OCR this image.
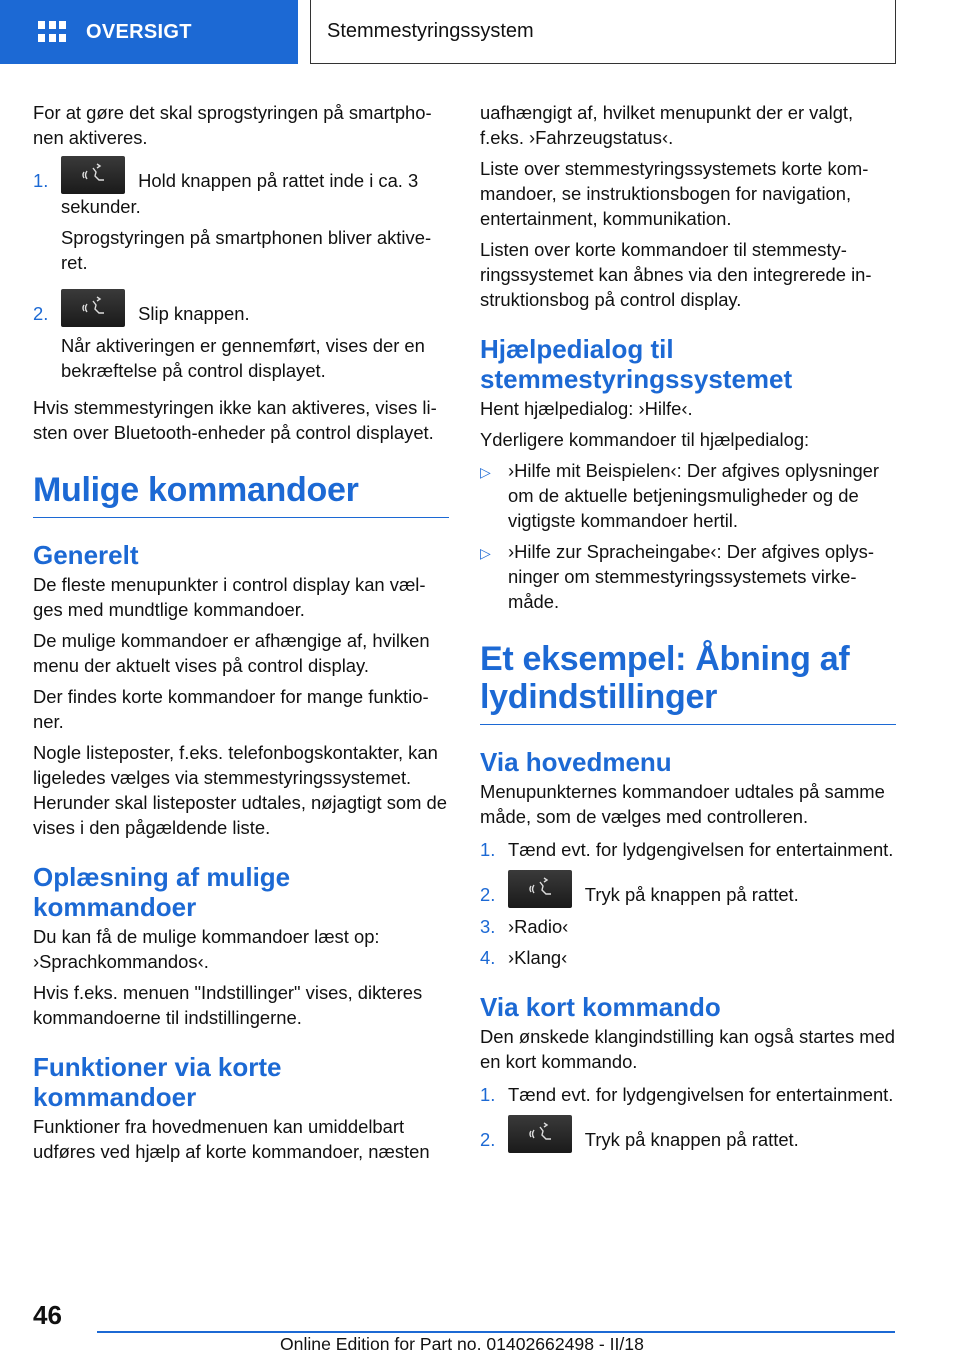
OVERSIGT	Stemmestyringssystem

For at gøre det skal sprogstyringen på smartphonen aktiveres.

1.	Hold knappen på rattet inde i ca. 3 sekunder.

Sprogstyringen på smartphonen bliver aktiveret.

2.	Slip knappen.

Når aktiveringen er gennemført, vises der en bekræftelse på control displayet.

Hvis stemmestyringen ikke kan aktiveres, vises listen over Bluetooth-enheder på control displayet.

Mulige kommandoer
Generelt

De fleste menupunkter i control display kan vælges med mundtlige kommandoer.

De mulige kommandoer er afhængige af, hvilken menu der aktuelt vises på control display.

Der findes korte kommandoer for mange funktioner.

Nogle listeposter, f.eks. telefonbogskontakter, kan ligeledes vælges via stemmestyringssystemet. Herunder skal listeposter udtales, nøjagtigt som de vises i den pågældende liste.

Oplæsning af mulige kommandoer

Du kan få de mulige kommandoer læst op: ›Sprachkommandos‹.

Hvis f.eks. menuen "Indstillinger" vises, dikteres kommandoerne til indstillingerne.

Funktioner via korte kommandoer

Funktioner fra hovedmenuen kan umiddelbart udføres ved hjælp af korte kommandoer, næsten

uafhængigt af, hvilket menupunkt der er valgt, f.eks. ›Fahrzeugstatus‹.

Liste over stemmestyringssystemets korte kommandoer, se instruktionsbogen for navigation, entertainment, kommunikation.

Listen over korte kommandoer til stemmestyringssystemet kan åbnes via den integrerede instruktionsbog på control display.

Hjælpedialog til stemmestyringssystemet

Hent hjælpedialog: ›Hilfe‹.

Yderligere kommandoer til hjælpedialog:

▷ ›Hilfe mit Beispielen‹: Der afgives oplysninger om de aktuelle betjeningsmuligheder og de vigtigste kommandoer hertil.
▷ ›Hilfe zur Spracheingabe‹: Der afgives oplysninger om stemmestyringssystemets virkemåde.
Et eksempel: Åbning af lydindstillinger
Via hovedmenu

Menupunkternes kommandoer udtales på samme måde, som de vælges med controlleren.

1. Tænd evt. for lydgengivelsen for entertainment.
2.	Tryk på knappen på rattet.
3. ›Radio‹
4. ›Klang‹
Via kort kommando

Den ønskede klangindstilling kan også startes med en kort kommando.

1. Tænd evt. for lydgengivelsen for entertainment.
2.	Tryk på knappen på rattet.
46
Online Edition for Part no. 01402662498 - II/18
